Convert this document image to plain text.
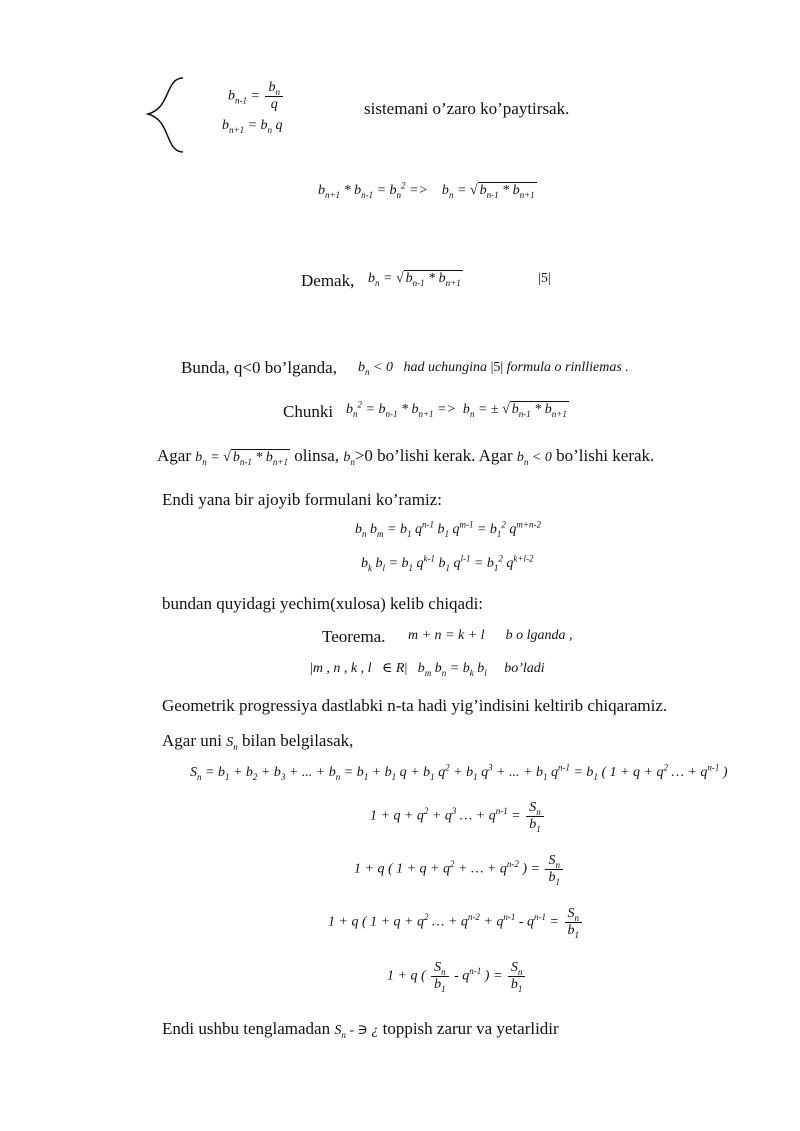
$b_{n-1} = \frac{b_n}{q}$
$b_{n+1} = b_n$ q
sistemani o’zaro ko’paytirsak.
$b_{n+1} * b_{n-1} = b_n^2$ =>    $b_n$ = √ $b_{n-1} * b_{n+1}$
Demak, $b_n$ = √ $b_{n-1} * b_{n+1}$	|5|
Bunda, q<0 bo’lganda, $b_n < 0$   had uchungina |5| formula o rinlliemas .
Chunki $b_n^2 = b_{n-1} * b_{n+1} => b_n$ = ± √ $b_{n-1} * b_{n+1}$
Agar $b_n$ = √ $b_{n-1} * b_{n+1}$ olinsa, $b_n>0$ bo’lishi kerak. Agar $b_n < 0$ bo’lishi kerak.
Endi yana bir ajoyib formulani ko’ramiz:
$b_n$ $b_m = b_1$ $q^{n-1}$ $b_1$ $q^{m-1} = b_1^2$ $q^{m+n-2}$
$b_k$ $b_l = b_1$ $q^{k-1}$ $b_1$ $q^{l-1} = b_1^2$ $q^{k+l-2}$
bundan quyidagi yechim(xulosa) kelib chiqadi:
Teorema. m + n = k + l      b o lganda ,
|m , n , k , l   ∈ R|   $b_m$ $b_n = b_k$ $b_l$ bo’ladi
Geometrik progressiya dastlabki n-ta hadi yig’indisini keltirib chiqaramiz.
Agar uni $S_n$ bilan belgilasak,
$S_n = b_1 + b_2 + b_3$ + ... + $b_n = b_1 + b_1$ $q + b_1$ $q^2 + b_1$ $q^3$ + ... + $b_1$ $q^{n-1} = b_1$ ( $1 + q + q^2$ … + $q^{n-1}$ )
$1 + q + q^2 + q^3$ … + $q^{n-1} = \frac{S_n}{b_1}$
1 + q ( $1 + q + q^2$ + … + $q^{n-2}$ ) = $\frac{S_n}{b_1}$
1 + q ( $1 + q + q^2$ … + $q^{n-2} + q^{n-1} - q^{n-1} = \frac{S_n}{b_1}$
1 + q ( $\frac{S_n}{b_1} - q^{n-1}$ ) = $\frac{S_n}{b_1}$
Endi ushbu tenglamadan $S_n$ - ∋ ¿ toppish zarur va yetarlidir
